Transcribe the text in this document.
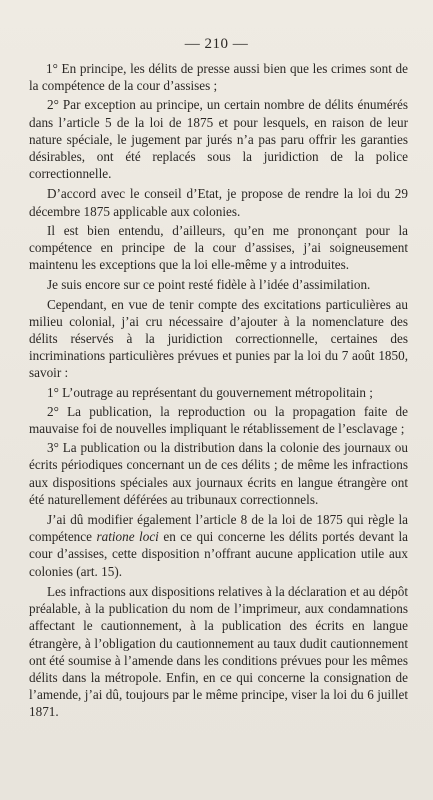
— 210 —

1° En principe, les délits de presse aussi bien que les crimes sont de la compétence de la cour d’assises ;

2° Par exception au principe, un certain nombre de délits énumérés dans l’article 5 de la loi de 1875 et pour lesquels, en raison de leur nature spéciale, le jugement par jurés n’a pas paru offrir les garanties désirables, ont été replacés sous la juridiction de la police correctionnelle.

D’accord avec le conseil d’Etat, je propose de rendre la loi du 29 décembre 1875 applicable aux colonies.

Il est bien entendu, d’ailleurs, qu’en me prononçant pour la compétence en principe de la cour d’assises, j’ai soigneusement maintenu les exceptions que la loi elle-même y a introduites.

Je suis encore sur ce point resté fidèle à l’idée d’assimilation.

Cependant, en vue de tenir compte des excitations particulières au milieu colonial, j’ai cru nécessaire d’ajouter à la nomenclature des délits réservés à la juridiction correctionnelle, certaines des incriminations particulières prévues et punies par la loi du 7 août 1850, savoir :

1° L’outrage au représentant du gouvernement métropolitain ;

2° La publication, la reproduction ou la propagation faite de mauvaise foi de nouvelles impliquant le rétablissement de l’esclavage ;

3° La publication ou la distribution dans la colonie des journaux ou écrits périodiques concernant un de ces délits ; de même les infractions aux dispositions spéciales aux journaux écrits en langue étrangère ont été naturellement déférées au tribunaux correctionnels.

J’ai dû modifier également l’article 8 de la loi de 1875 qui règle la compétence ratione loci en ce qui concerne les délits portés devant la cour d’assises, cette disposition n’offrant aucune application utile aux colonies (art. 15).

Les infractions aux dispositions relatives à la déclaration et au dépôt préalable, à la publication du nom de l’imprimeur, aux condamnations affectant le cautionnement, à la publication des écrits en langue étrangère, à l’obligation du cautionnement au taux dudit cautionnement ont été soumise à l’amende dans les conditions prévues pour les mêmes délits dans la métropole. Enfin, en ce qui concerne la consignation de l’amende, j’ai dû, toujours par le même principe, viser la loi du 6 juillet 1871.
